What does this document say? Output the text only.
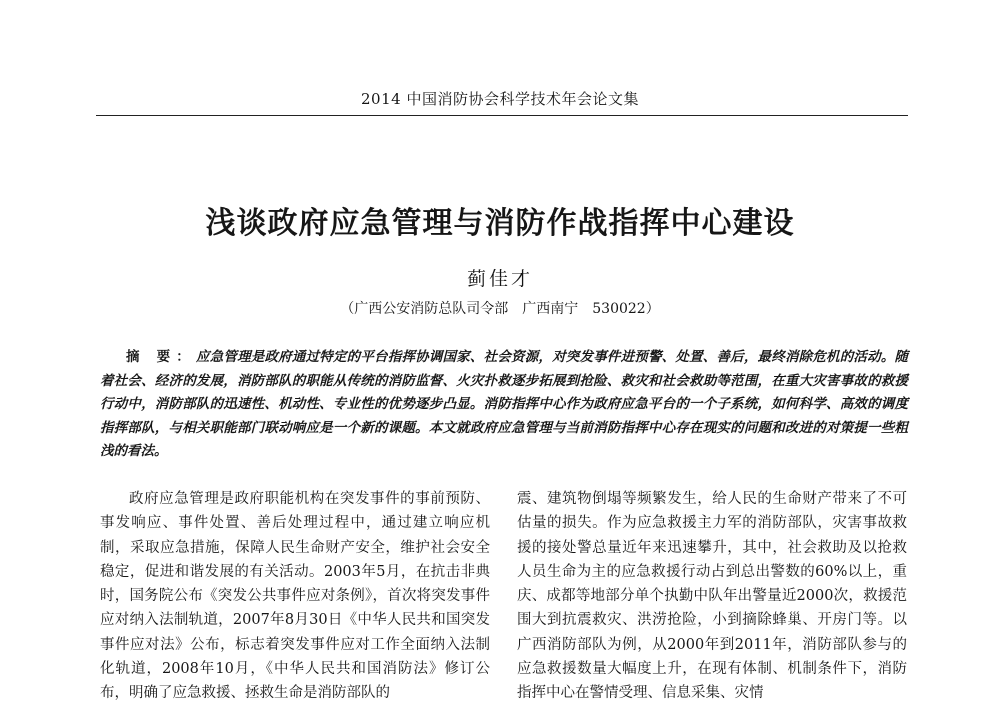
2014 中国消防协会科学技术年会论文集
浅谈政府应急管理与消防作战指挥中心建设
蓟佳才
（广西公安消防总队司令部　广西南宁　530022）
摘 要：应急管理是政府通过特定的平台指挥协调国家、社会资源，对突发事件进预警、处置、善后，最终消除危机的活动。随着社会、经济的发展，消防部队的职能从传统的消防监督、火灾扑救逐步拓展到抢险、救灾和社会救助等范围，在重大灾害事故的救援行动中，消防部队的迅速性、机动性、专业性的优势逐步凸显。消防指挥中心作为政府应急平台的一个子系统，如何科学、高效的调度指挥部队，与相关职能部门联动响应是一个新的课题。本文就政府应急管理与当前消防指挥中心存在现实的问题和改进的对策提一些粗浅的看法。
政府应急管理是政府职能机构在突发事件的事前预防、事发响应、事件处置、善后处理过程中，通过建立响应机制，采取应急措施，保障人民生命财产安全，维护社会安全稳定，促进和谐发展的有关活动。2003年5月，在抗击非典时，国务院公布《突发公共事件应对条例》，首次将突发事件应对纳入法制轨道，2007年8月30日《中华人民共和国突发事件应对法》公布，标志着突发事件应对工作全面纳入法制化轨道，2008年10月，《中华人民共和国消防法》修订公布，明确了应急救援、拯救生命是消防部队的
震、建筑物倒塌等频繁发生，给人民的生命财产带来了不可估量的损失。作为应急救援主力军的消防部队，灾害事故救援的接处警总量近年来迅速攀升，其中，社会救助及以抢救人员生命为主的应急救援行动占到总出警数的60%以上，重庆、成都等地部分单个执勤中队年出警量近2000次，救援范围大到抗震救灾、洪涝抢险，小到摘除蜂巢、开房门等。以广西消防部队为例，从2000年到2011年，消防部队参与的应急救援数量大幅度上升，在现有体制、机制条件下，消防指挥中心在警情受理、信息采集、灾情
